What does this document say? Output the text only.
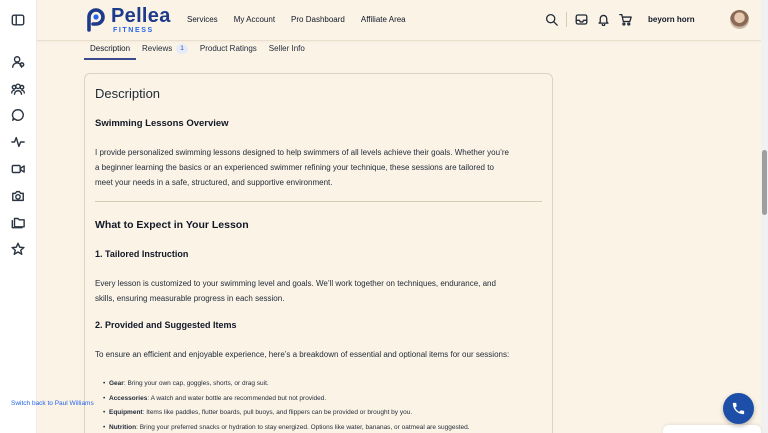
Pellea
FITNESS
Services My Account Pro Dashboard Affiliate Area	beyorn horn
Description Reviews	1	Product Ratings Seller Info
Description
Swimming Lessons Overview
I provide personalized swimming lessons designed to help swimmers of all levels achieve their goals. Whether you’re
a beginner learning the basics or an experienced swimmer refining your technique, these sessions are tailored to
meet your needs in a safe, structured, and supportive environment.
What to Expect in Your Lesson
1. Tailored Instruction
Every lesson is customized to your swimming level and goals. We’ll work together on techniques, endurance, and
skills, ensuring measurable progress in each session.
2. Provided and Suggested Items
To ensure an efficient and enjoyable experience, here’s a breakdown of essential and optional items for our sessions:
• Gear: Bring your own cap, goggles, shorts, or drag suit.
• Accessories: A watch and water bottle are recommended but not provided.
• Equipment: Items like paddles, flutter boards, pull buoys, and flippers can be provided or brought by you.
• Nutrition: Bring your preferred snacks or hydration to stay energized. Options like water, bananas, or oatmeal are suggested.
Switch back to Paul Williams
